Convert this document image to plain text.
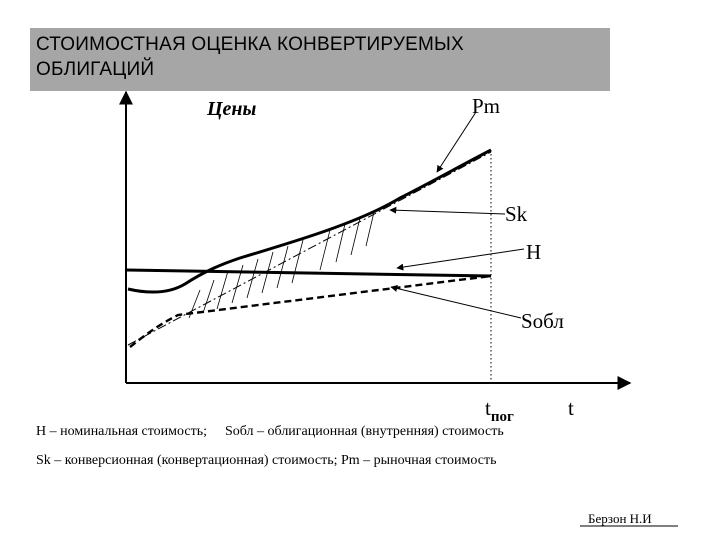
СТОИМОСТНАЯ ОЦЕНКА КОНВЕРТИРУЕМЫХ
ОБЛИГАЦИЙ
Цены	Pm
Sk
H
Sобл
$t_{пог}$	t
H – номинальная стоимость; Sобл – облигационная (внутренняя) стоимость
Sk – конверсионная (конвертационная) стоимость; Pm – рыночная стоимость
Берзон Н.И
